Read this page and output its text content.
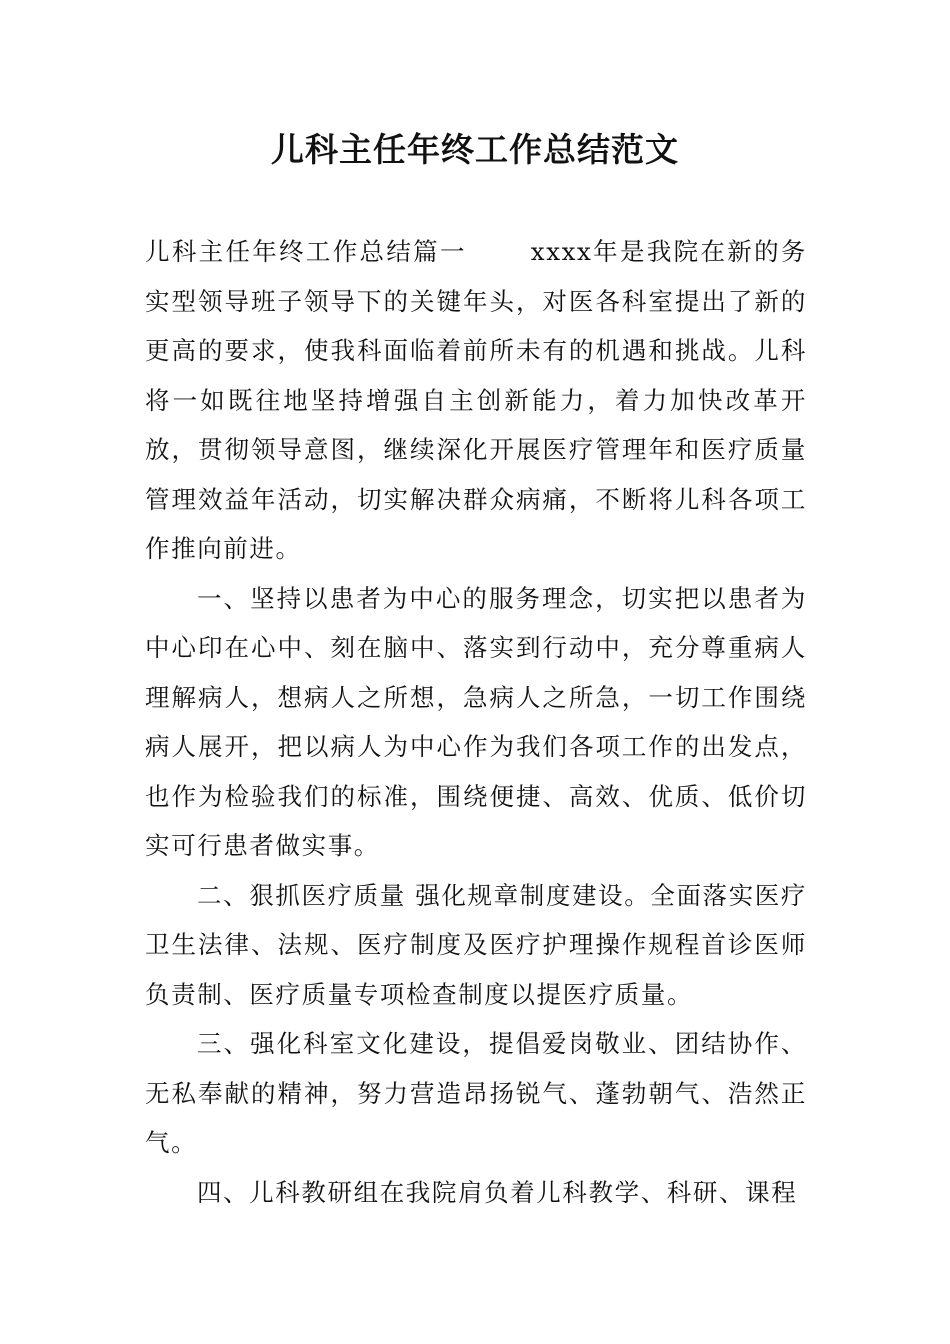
儿科主任年终工作总结范文

儿科主任年终工作总结篇一	xxxx年是我院在新的务实型领导班子领导下的关键年头，对医各科室提出了新的更高的要求，使我科面临着前所未有的机遇和挑战。儿科将一如既往地坚持增强自主创新能力，着力加快改革开放，贯彻领导意图，继续深化开展医疗管理年和医疗质量管理效益年活动，切实解决群众病痛，不断将儿科各项工作推向前进。

一、坚持以患者为中心的服务理念，切实把以患者为中心印在心中、刻在脑中、落实到行动中，充分尊重病人理解病人，想病人之所想，急病人之所急，一切工作围绕病人展开，把以病人为中心作为我们各项工作的出发点，也作为检验我们的标准，围绕便捷、高效、优质、低价切实可行患者做实事。

二、狠抓医疗质量 强化规章制度建设。全面落实医疗卫生法律、法规、医疗制度及医疗护理操作规程首诊医师负责制、医疗质量专项检查制度以提医疗质量。

三、强化科室文化建设，提倡爱岗敬业、团结协作、无私奉献的精神，努力营造昂扬锐气、蓬勃朝气、浩然正气。

四、儿科教研组在我院肩负着儿科教学、科研、课程
